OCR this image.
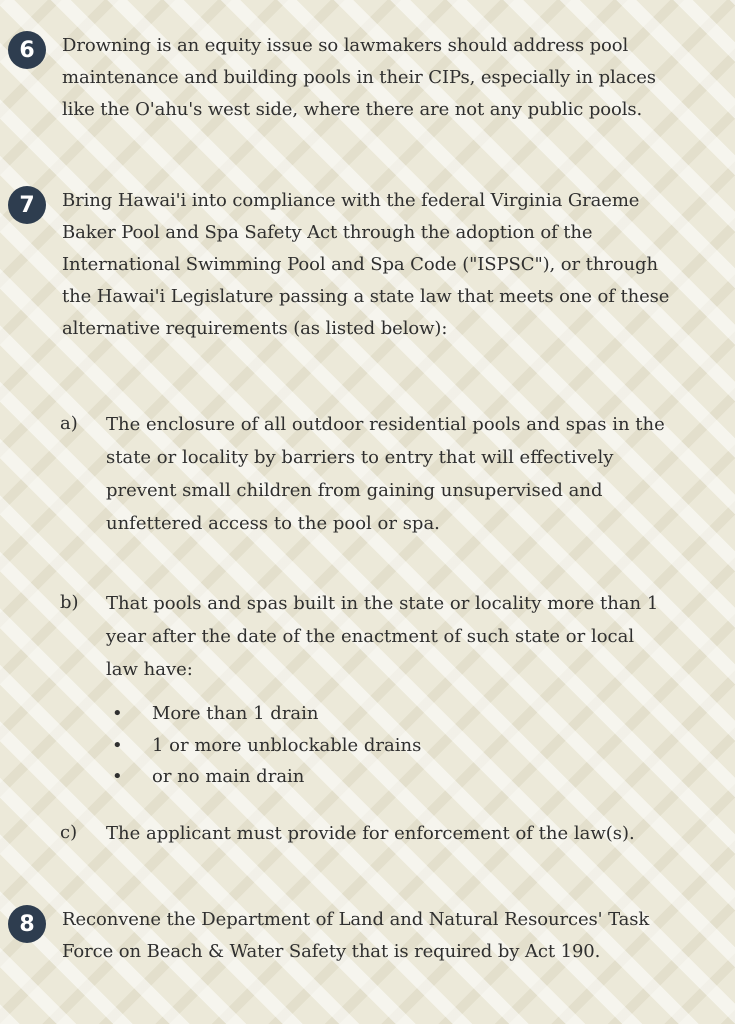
6	Drowning is an equity issue so lawmakers should address pool maintenance and building pools in their CIPs, especially in places like the O'ahu's west side, where there are not any public pools.
7	Bring Hawai'i into compliance with the federal Virginia Graeme Baker Pool and Spa Safety Act through the adoption of the International Swimming Pool and Spa Code ("ISPSC"), or through the Hawai'i Legislature passing a state law that meets one of these alternative requirements (as listed below):
a)	The enclosure of all outdoor residential pools and spas in the state or locality by barriers to entry that will effectively prevent small children from gaining unsupervised and unfettered access to the pool or spa.
b)	That pools and spas built in the state or locality more than 1 year after the date of the enactment of such state or local law have:
•	More than 1 drain
•	1 or more unblockable drains
•	or no main drain
c)	The applicant must provide for enforcement of the law(s).
8	Reconvene the Department of Land and Natural Resources' Task Force on Beach & Water Safety that is required by Act 190.
